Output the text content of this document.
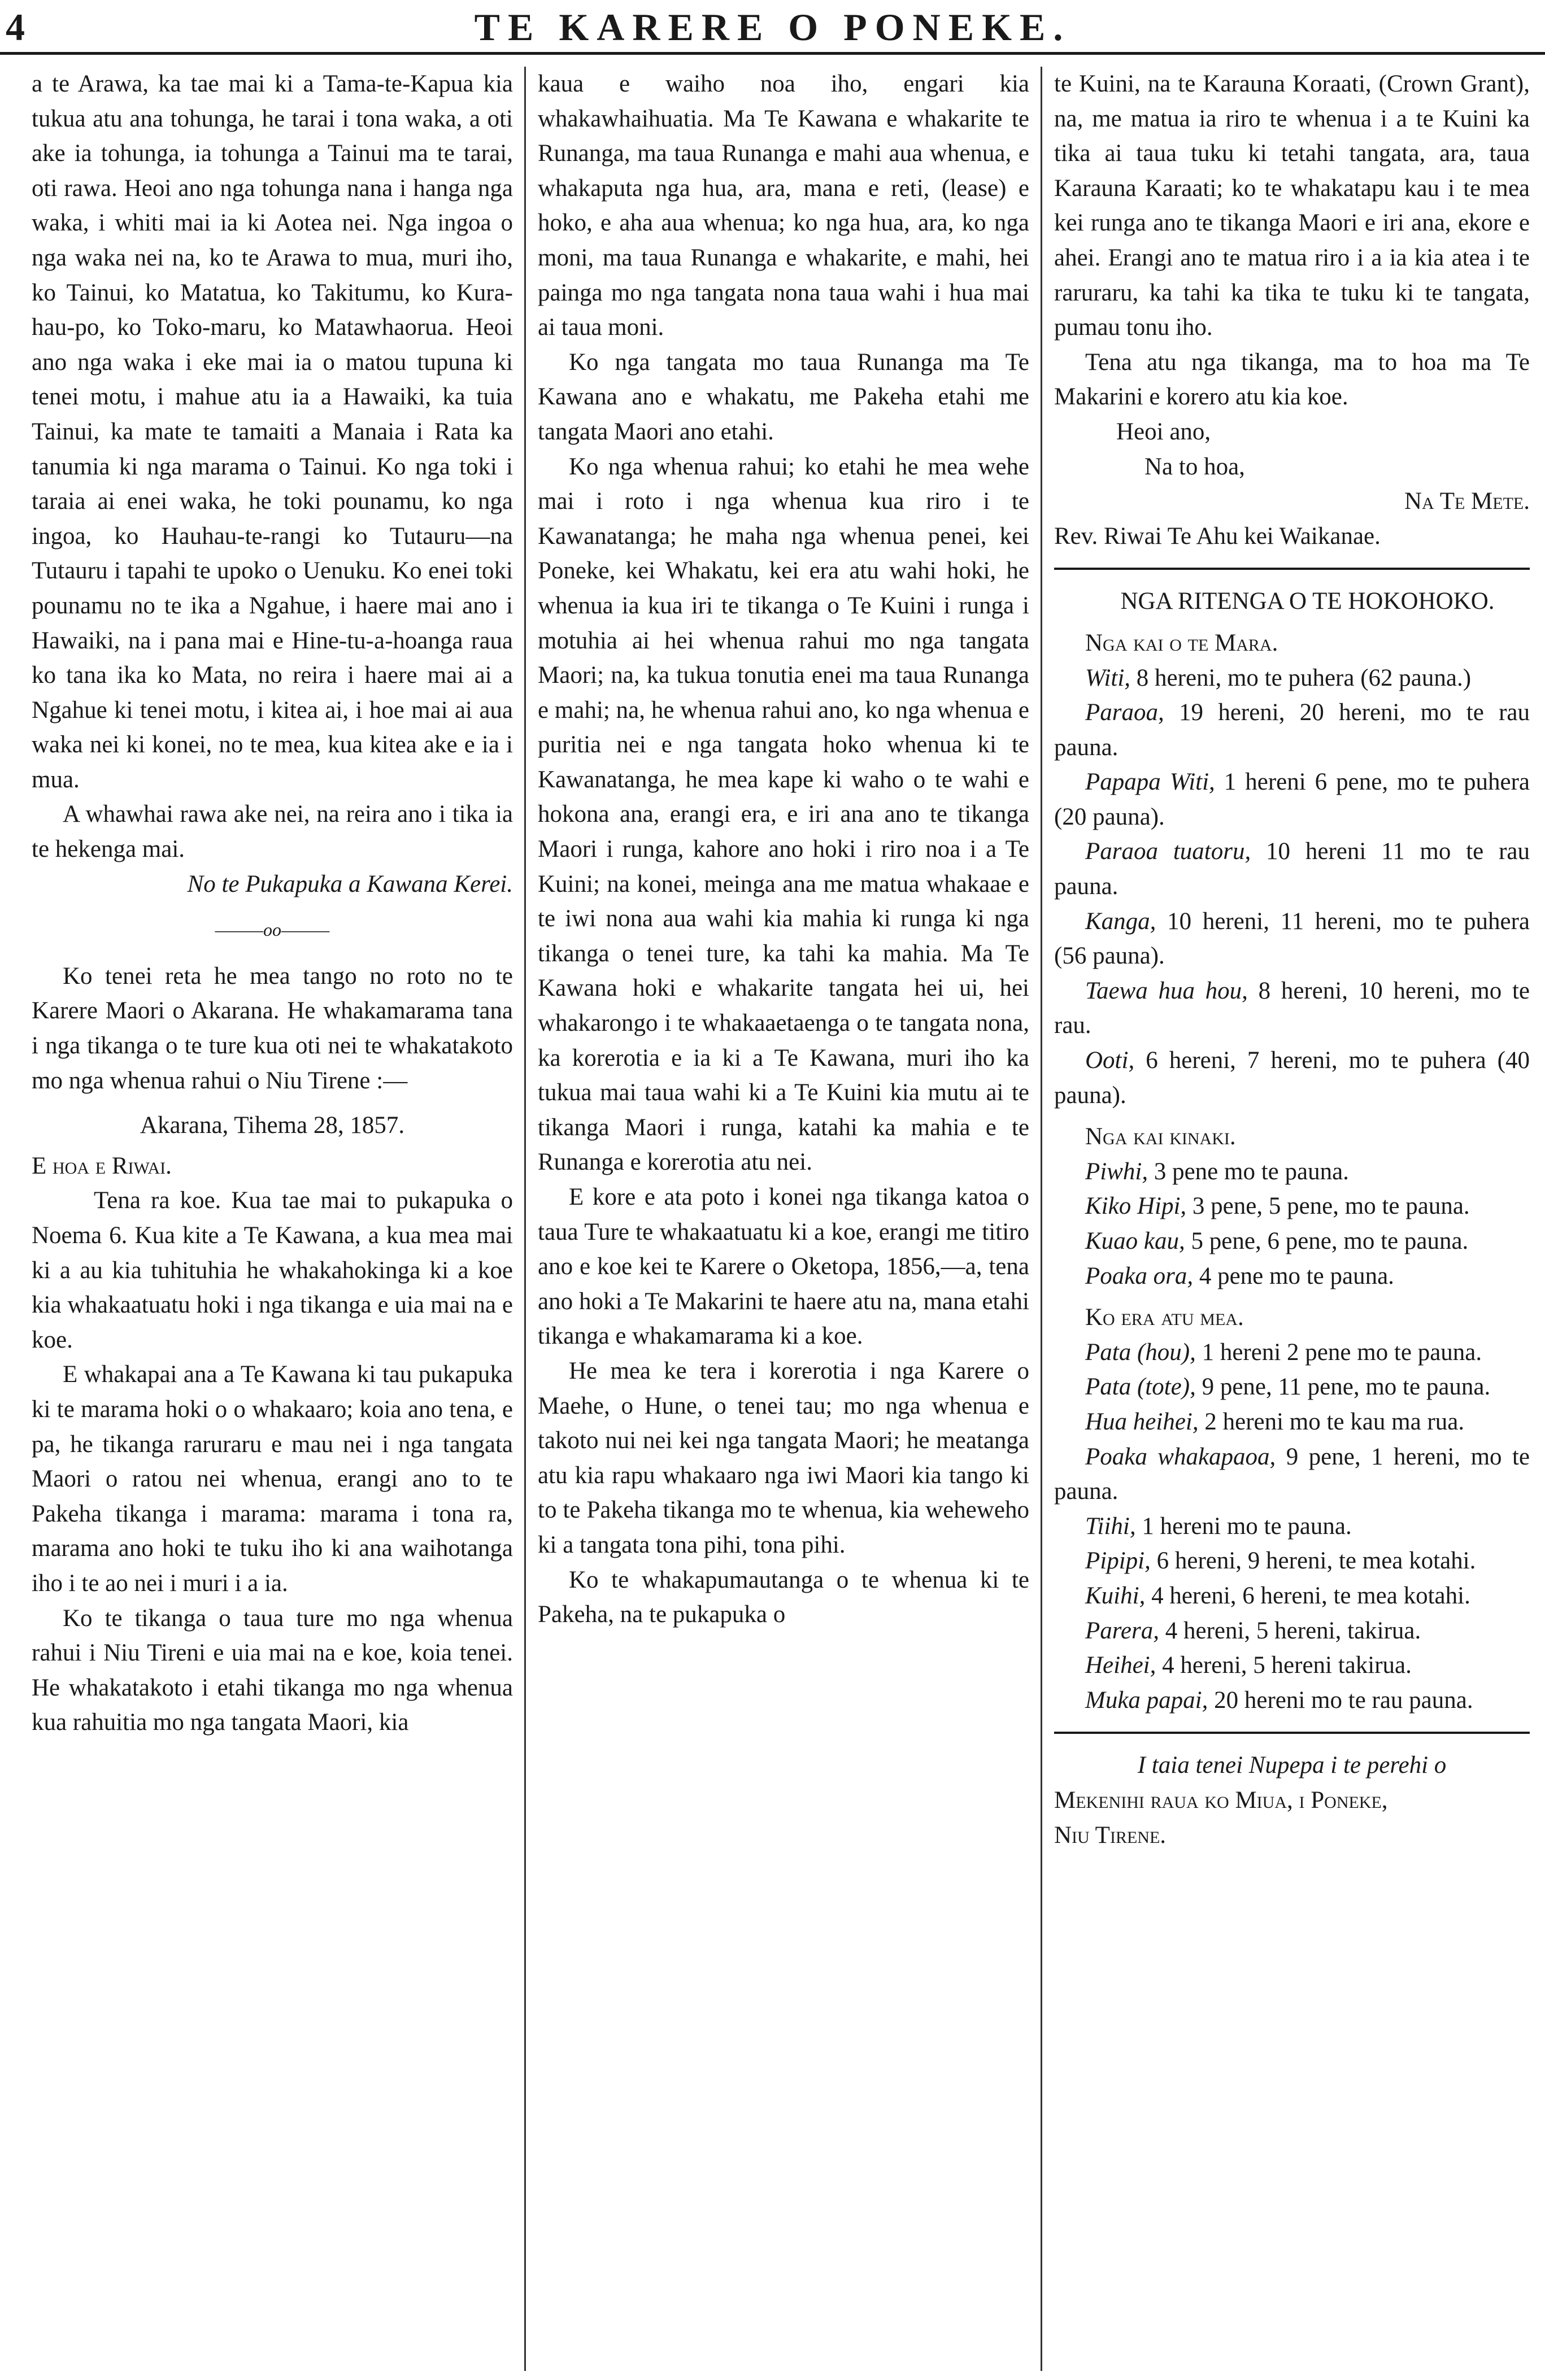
4	TE KARERE O PONEKE.

a te Arawa, ka tae mai ki a Tama-te-Kapua kia tukua atu ana tohunga, he tarai i tona waka, a oti ake ia tohunga, ia tohunga a Tainui ma te tarai, oti rawa. Heoi ano nga tohunga nana i hanga nga waka, i whiti mai ia ki Aotea nei. Nga ingoa o nga waka nei na, ko te Arawa to mua, muri iho, ko Tainui, ko Matatua, ko Takitumu, ko Kura-hau-po, ko Toko-maru, ko Matawhaorua. Heoi ano nga waka i eke mai ia o matou tupuna ki tenei motu, i mahue atu ia a Hawaiki, ka tuia Tainui, ka mate te tamaiti a Manaia i Rata ka tanumia ki nga marama o Tainui. Ko nga toki i taraia ai enei waka, he toki pounamu, ko nga ingoa, ko Hauhau-te-rangi ko Tutauru—na Tutauru i tapahi te upoko o Uenuku. Ko enei toki pounamu no te ika a Ngahue, i haere mai ano i Hawaiki, na i pana mai e Hine-tu-a-hoanga raua ko tana ika ko Mata, no reira i haere mai ai a Ngahue ki tenei motu, i kitea ai, i hoe mai ai aua waka nei ki konei, no te mea, kua kitea ake e ia i mua.

A whawhai rawa ake nei, na reira ano i tika ia te hekenga mai.

No te Pukapuka a Kawana Kerei.

———oo———

Ko tenei reta he mea tango no roto no te Karere Maori o Akarana. He whakamarama tana i nga tikanga o te ture kua oti nei te whakatakoto mo nga whenua rahui o Niu Tirene :—

Akarana, Tihema 28, 1857.

E hoa e Riwai.

Tena ra koe. Kua tae mai to pukapuka o Noema 6. Kua kite a Te Kawana, a kua mea mai ki a au kia tuhituhia he whakahokinga ki a koe kia whakaatuatu hoki i nga tikanga e uia mai na e koe.

E whakapai ana a Te Kawana ki tau pukapuka ki te marama hoki o o whakaaro; koia ano tena, e pa, he tikanga raruraru e mau nei i nga tangata Maori o ratou nei whenua, erangi ano to te Pakeha tikanga i marama: marama i tona ra, marama ano hoki te tuku iho ki ana waihotanga iho i te ao nei i muri i a ia.

Ko te tikanga o taua ture mo nga whenua rahui i Niu Tireni e uia mai na e koe, koia tenei. He whakatakoto i etahi tikanga mo nga whenua kua rahuitia mo nga tangata Maori, kia

kaua e waiho noa iho, engari kia whakawhaihuatia. Ma Te Kawana e whakarite te Runanga, ma taua Runanga e mahi aua whenua, e whakaputa nga hua, ara, mana e reti, (lease) e hoko, e aha aua whenua; ko nga hua, ara, ko nga moni, ma taua Runanga e whakarite, e mahi, hei painga mo nga tangata nona taua wahi i hua mai ai taua moni.

Ko nga tangata mo taua Runanga ma Te Kawana ano e whakatu, me Pakeha etahi me tangata Maori ano etahi.

Ko nga whenua rahui; ko etahi he mea wehe mai i roto i nga whenua kua riro i te Kawanatanga; he maha nga whenua penei, kei Poneke, kei Whakatu, kei era atu wahi hoki, he whenua ia kua iri te tikanga o Te Kuini i runga i motuhia ai hei whenua rahui mo nga tangata Maori; na, ka tukua tonutia enei ma taua Runanga e mahi; na, he whenua rahui ano, ko nga whenua e puritia nei e nga tangata hoko whenua ki te Kawanatanga, he mea kape ki waho o te wahi e hokona ana, erangi era, e iri ana ano te tikanga Maori i runga, kahore ano hoki i riro noa i a Te Kuini; na konei, meinga ana me matua whakaae e te iwi nona aua wahi kia mahia ki runga ki nga tikanga o tenei ture, ka tahi ka mahia. Ma Te Kawana hoki e whakarite tangata hei ui, hei whakarongo i te whakaaetaenga o te tangata nona, ka korerotia e ia ki a Te Kawana, muri iho ka tukua mai taua wahi ki a Te Kuini kia mutu ai te tikanga Maori i runga, katahi ka mahia e te Runanga e korerotia atu nei.

E kore e ata poto i konei nga tikanga katoa o taua Ture te whakaatuatu ki a koe, erangi me titiro ano e koe kei te Karere o Oketopa, 1856,—a, tena ano hoki a Te Makarini te haere atu na, mana etahi tikanga e whakamarama ki a koe.

He mea ke tera i korerotia i nga Karere o Maehe, o Hune, o tenei tau; mo nga whenua e takoto nui nei kei nga tangata Maori; he meatanga atu kia rapu whakaaro nga iwi Maori kia tango ki to te Pakeha tikanga mo te whenua, kia weheweho ki a tangata tona pihi, tona pihi.

Ko te whakapumautanga o te whenua ki te Pakeha, na te pukapuka o

te Kuini, na te Karauna Koraati, (Crown Grant), na, me matua ia riro te whenua i a te Kuini ka tika ai taua tuku ki tetahi tangata, ara, taua Karauna Karaati; ko te whakatapu kau i te mea kei runga ano te tikanga Maori e iri ana, ekore e ahei. Erangi ano te matua riro i a ia kia atea i te raruraru, ka tahi ka tika te tuku ki te tangata, pumau tonu iho.

Tena atu nga tikanga, ma to hoa ma Te Makarini e korero atu kia koe.

Heoi ano,

Na to hoa,

Na Te Mete.

Rev. Riwai Te Ahu kei Waikanae.

NGA RITENGA O TE HOKOHOKO.

Nga kai o te Mara.

Witi, 8 hereni, mo te puhera (62 pauna.)

Paraoa, 19 hereni, 20 hereni, mo te rau pauna.

Papapa Witi, 1 hereni 6 pene, mo te puhera (20 pauna).

Paraoa tuatoru, 10 hereni 11 mo te rau pauna.

Kanga, 10 hereni, 11 hereni, mo te puhera (56 pauna).

Taewa hua hou, 8 hereni, 10 hereni, mo te rau.

Ooti, 6 hereni, 7 hereni, mo te puhera (40 pauna).

Nga kai kinaki.

Piwhi, 3 pene mo te pauna.

Kiko Hipi, 3 pene, 5 pene, mo te pauna.

Kuao kau, 5 pene, 6 pene, mo te pauna.

Poaka ora, 4 pene mo te pauna.

Ko era atu mea.

Pata (hou), 1 hereni 2 pene mo te pauna.

Pata (tote), 9 pene, 11 pene, mo te pauna.

Hua heihei, 2 hereni mo te kau ma rua.

Poaka whakapaoa, 9 pene, 1 hereni, mo te pauna.

Tiihi, 1 hereni mo te pauna.

Pipipi, 6 hereni, 9 hereni, te mea kotahi.

Kuihi, 4 hereni, 6 hereni, te mea kotahi.

Parera, 4 hereni, 5 hereni, takirua.

Heihei, 4 hereni, 5 hereni takirua.

Muka papai, 20 hereni mo te rau pauna.

I taia tenei Nupepa i te perehi o

Mekenihi raua ko Miua, i Poneke,

Niu Tirene.
